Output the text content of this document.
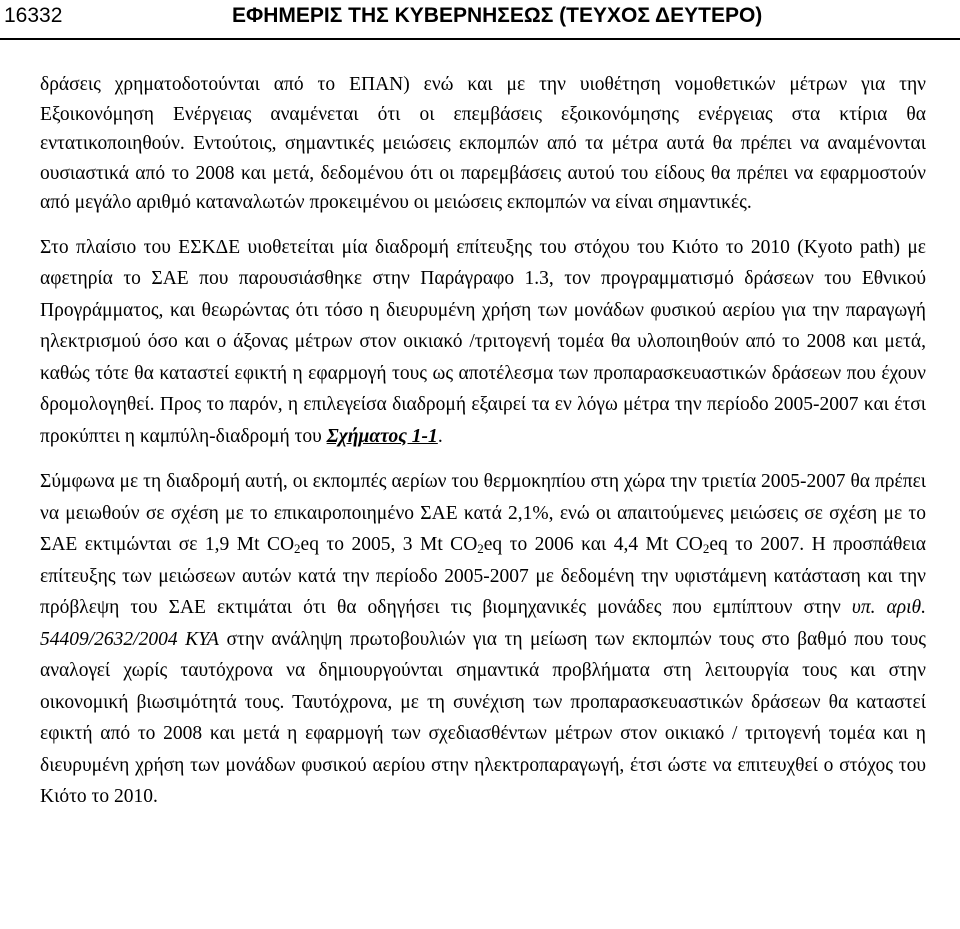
16332	ΕΦΗΜΕΡΙΣ ΤΗΣ ΚΥΒΕΡΝΗΣΕΩΣ (ΤΕΥΧΟΣ ΔΕΥΤΕΡΟ)

δράσεις χρηματοδοτούνται από το ΕΠΑΝ) ενώ και με την υιοθέτηση νομοθετικών μέτρων για την Εξοικονόμηση Ενέργειας αναμένεται ότι οι επεμβάσεις εξοικονόμησης ενέργειας στα κτίρια θα εντατικοποιηθούν. Εντούτοις, σημαντικές μειώσεις εκπομπών από τα μέτρα αυτά θα πρέπει να αναμένονται ουσιαστικά από το 2008 και μετά, δεδομένου ότι οι παρεμβάσεις αυτού του είδους θα πρέπει να εφαρμοστούν από μεγάλο αριθμό καταναλωτών προκειμένου οι μειώσεις εκπομπών να είναι σημαντικές.

Στο πλαίσιο του ΕΣΚΔΕ υιοθετείται μία διαδρομή επίτευξης του στόχου του Κιότο το 2010 (Kyoto path) με αφετηρία το ΣΑΕ που παρουσιάσθηκε στην Παράγραφο 1.3, τον προγραμματισμό δράσεων του Εθνικού Προγράμματος, και θεωρώντας ότι τόσο η διευρυμένη χρήση των μονάδων φυσικού αερίου για την παραγωγή ηλεκτρισμού όσο και ο άξονας μέτρων στον οικιακό /τριτογενή τομέα θα υλοποιηθούν από το 2008 και μετά, καθώς τότε θα καταστεί εφικτή η εφαρμογή τους ως αποτέλεσμα των προπαρασκευαστικών δράσεων που έχουν δρομολογηθεί. Προς το παρόν, η επιλεγείσα διαδρομή εξαιρεί τα εν λόγω μέτρα την περίοδο 2005-2007 και έτσι προκύπτει η καμπύλη-διαδρομή του Σχήματος 1-1.

Σύμφωνα με τη διαδρομή αυτή, οι εκπομπές αερίων του θερμοκηπίου στη χώρα την τριετία 2005-2007 θα πρέπει να μειωθούν σε σχέση με το επικαιροποιημένο ΣΑΕ κατά 2,1%, ενώ οι απαιτούμενες μειώσεις σε σχέση με το ΣΑΕ εκτιμώνται σε 1,9 Mt $CO_2eq$ το 2005, 3 Mt $CO_2eq$ το 2006 και 4,4 Mt $CO_2eq$ το 2007. Η προσπάθεια επίτευξης των μειώσεων αυτών κατά την περίοδο 2005-2007 με δεδομένη την υφιστάμενη κατάσταση και την πρόβλεψη του ΣΑΕ εκτιμάται ότι θα οδηγήσει τις βιομηχανικές μονάδες που εμπίπτουν στην υπ. αριθ. 54409/2632/2004 ΚΥΑ στην ανάληψη πρωτοβουλιών για τη μείωση των εκπομπών τους στο βαθμό που τους αναλογεί χωρίς ταυτόχρονα να δημιουργούνται σημαντικά προβλήματα στη λειτουργία τους και στην οικονομική βιωσιμότητά τους. Ταυτόχρονα, με τη συνέχιση των προπαρασκευαστικών δράσεων θα καταστεί εφικτή από το 2008 και μετά η εφαρμογή των σχεδιασθέντων μέτρων στον οικιακό / τριτογενή τομέα και η διευρυμένη χρήση των μονάδων φυσικού αερίου στην ηλεκτροπαραγωγή, έτσι ώστε να επιτευχθεί ο στόχος του Κιότο το 2010.
